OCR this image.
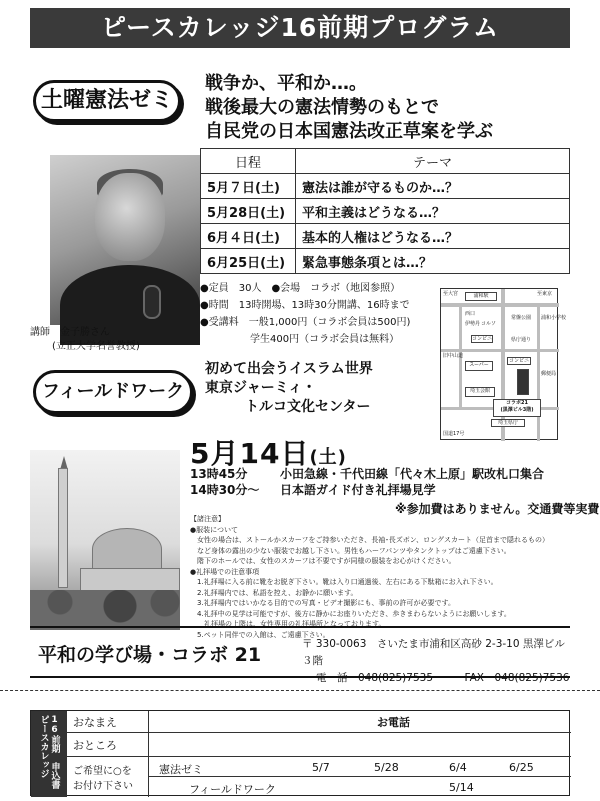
ピースカレッジ16前期プログラム
土曜憲法ゼミ
戦争か、平和か…。
戦後最大の憲法情勢のもとで
自民党の日本国憲法改正草案を学ぶ
講師　 金子勝さん
(立正大学名誉教授)
日程	テーマ
5月７日(土)	憲法は誰が守るものか…？
5月28日(土)	平和主義はどうなる…？
6月４日(土)	基本的人権はどうなる…？
6月25日(土)	緊急事態条項とは…？
●定員　30人　●会場　コラボ（地図参照）
●時間　13時開場、13時30分開講、16時まで
●受講料　一般1,000円（コラボ会員は500円)
　　　　　学生400円（コラボ会員は無料）
至大宮	至東京
浦和駅
西口
伊勢丹 コルソ
コンビニ
常盤公園 浦和小学校
旧中山道
スーパー
コンビニ
郵便局
埼玉会館
コラボ21
(黒澤ビル3階)
埼玉県庁
国道17号
県庁通り
フィールドワーク
初めて出会うイスラム世界
東京ジャーミィ・
トルコ文化センター
5月14日(土)
13時45分	小田急線・千代田線「代々木上原」駅改札口集合
14時30分～	日本語ガイド付き礼拝場見学
※参加費はありません。交通費等実費

【諸注意】

●服装について

　女性の場合は、ストールかスカーフをご持参いただき、長袖･長ズボン、ロングスカート（足首まで隠れるもの）

　など身体の露出の少ない服装でお越し下さい。男性もハーフパンツやタンクトップはご遠慮下さい。

　階下のホールでは、女性のスカーフは不要ですが同様の服装をお心がけください。

●礼拝場での注意事項

　1.礼拝場に入る前に靴をお脱ぎ下さい。靴は入り口通過後、左右にある下駄箱にお入れ下さい。

　2.礼拝場内では、私語を控え、お静かに願います。

　3.礼拝場内ではいかなる目的での写真・ビデオ撮影にも、事前の許可が必要です。

　4.礼拝中の見学は可能ですが、後方に静かにお座りいただき、歩きまわらないようにお願いします。

　　礼拝場の上階は、女性専用の礼拝場所となっております。

　5.ペット同伴での入館は、ご遠慮下さい。

平和の学び場・コラボ 21	〒 330-0063　さいたま市浦和区高砂 2-3-10 黒澤ビル３階
電　話　 048(825)7535　　　	FAX　 048(825)7536
ピースカレッジ 16前期　申込書	おなまえ	お電話
おところ
ご希望に○を
お付け下さい
憲法ゼミ	5/7	5/28	6/4	6/25
フィールドワーク	5/14
